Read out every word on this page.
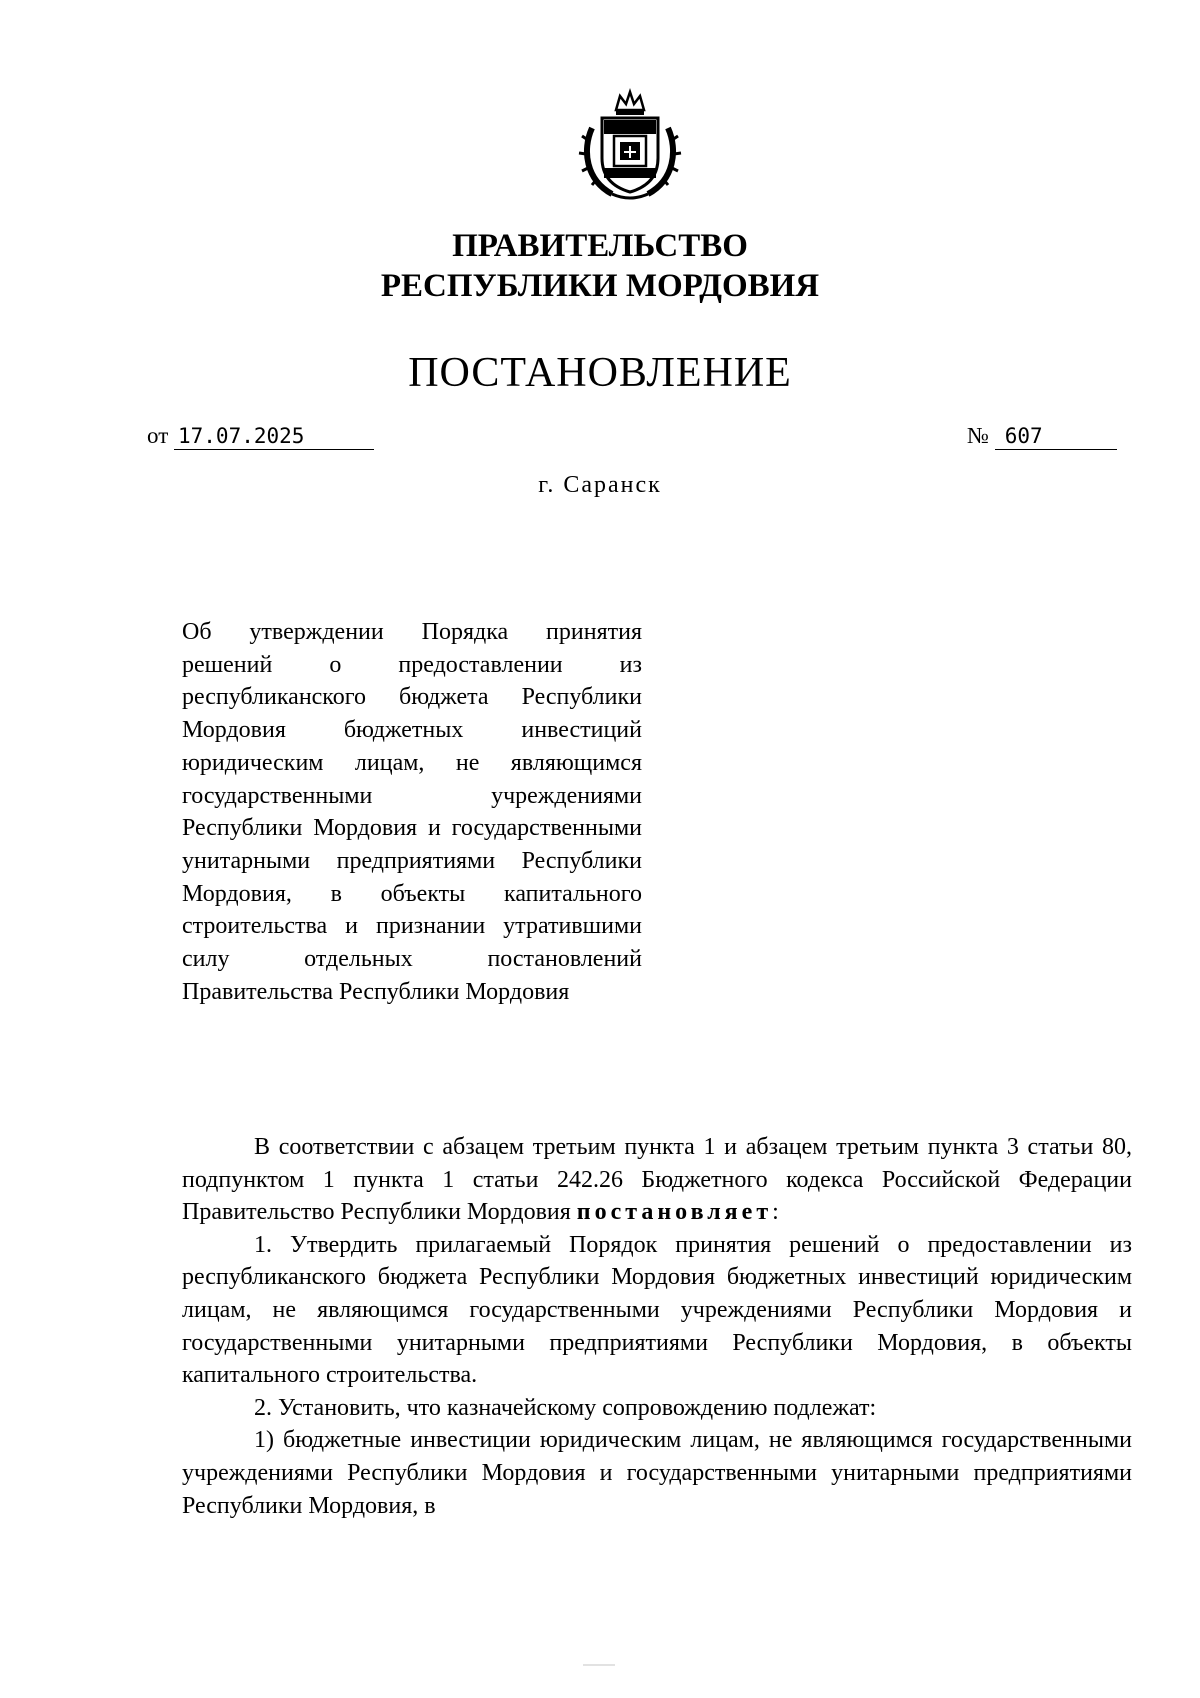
ПРАВИТЕЛЬСТВО
РЕСПУБЛИКИ МОРДОВИЯ
ПОСТАНОВЛЕНИЕ
от 17.07.2025	№ 607
г. Саранск
Об утверждении Порядка принятия решений о предоставлении из республиканского бюджета Республики Мордовия бюджетных инвестиций юридическим лицам, не являющимся государственными учреждениями Республики Мордовия и государственными унитарными предприятиями Республики Мордовия, в объекты капитального строительства и признании утратившими силу отдельных постановлений Правительства Республики Мордовия

В соответствии с абзацем третьим пункта 1 и абзацем третьим пункта 3 статьи 80, подпунктом 1 пункта 1 статьи 242.26 Бюджетного кодекса Российской Федерации Правительство Республики Мордовия постановляет:

1. Утвердить прилагаемый Порядок принятия решений о предоставлении из республиканского бюджета Республики Мордовия бюджетных инвестиций юридическим лицам, не являющимся государственными учреждениями Республики Мордовия и государственными унитарными предприятиями Республики Мордовия, в объекты капитального строительства.

2. Установить, что казначейскому сопровождению подлежат:

1) бюджетные инвестиции юридическим лицам, не являющимся государственными учреждениями Республики Мордовия и государственными унитарными предприятиями Республики Мордовия, в
